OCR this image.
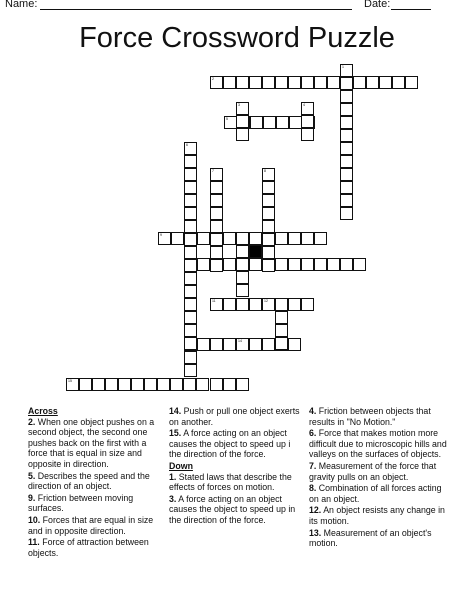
Name:	Date:
Force Crossword Puzzle
2
5
9
11	12
14
15
1
3	4
6
7	8
Across
2. When one object pushes on a second object, the second one pushes back on the first with a force that is equal in size and opposite in direction.
5. Describes the speed and the direction of an object.
9. Friction between moving surfaces.
10. Forces that are equal in size and in opposite direction.
11. Force of attraction between objects.
14. Push or pull one object exerts on another.
15. A force acting on an object causes the object to speed up i the direction of the force.
Down
1. Stated laws that describe the effects of forces on motion.
3. A force acting on an object causes the object to speed up in the direction of the force.
4. Friction between objects that results in "No Motion."
6. Force that makes motion more difficult due to microscopic hills and valleys on the surfaces of objects.
7. Measurement of the force that gravity pulls on an object.
8. Combination of all forces acting on an object.
12. An object resists any change in its motion.
13. Measurement of an object's motion.
